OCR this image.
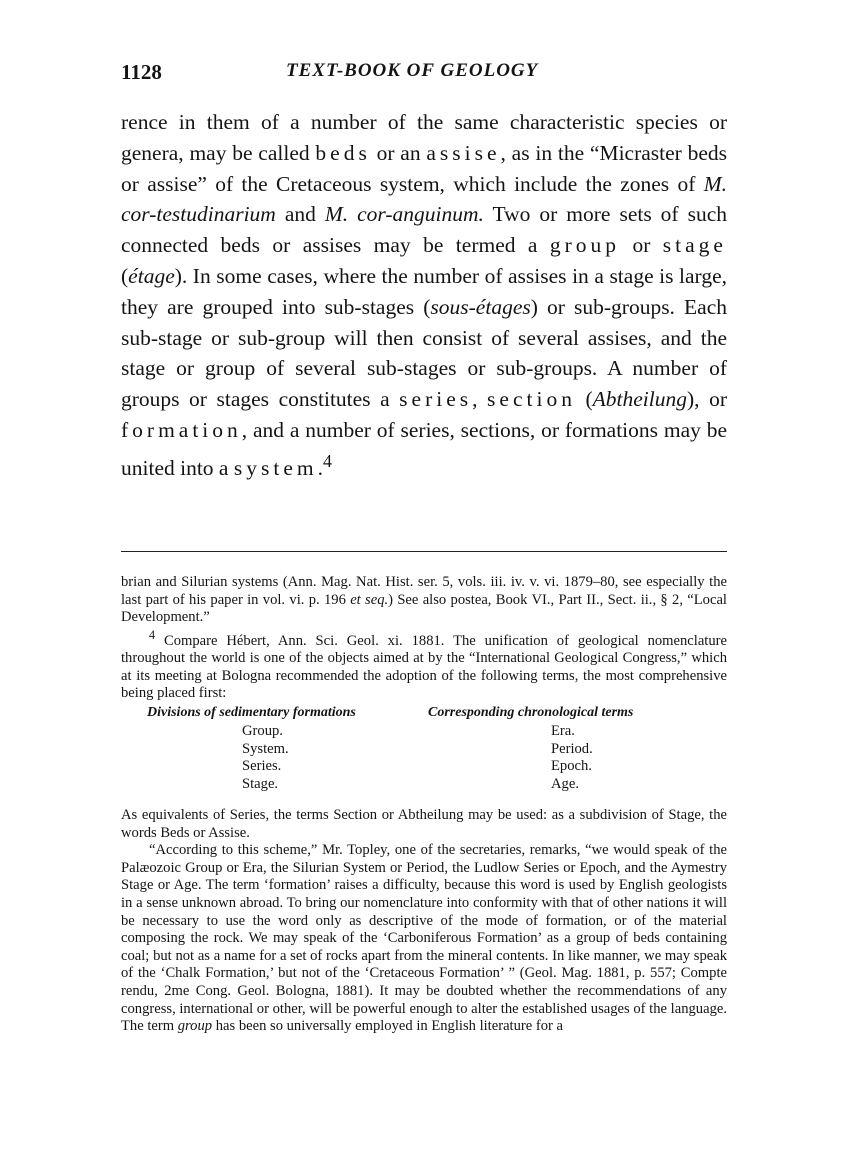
1128	TEXT-BOOK OF GEOLOGY

rence in them of a number of the same characteristic species or genera, may be called beds or an assise, as in the “Micraster beds or assise” of the Cretaceous system, which include the zones of M. cor-testudinarium and M. cor-anguinum. Two or more sets of such connected beds or assises may be termed a group or stage (étage). In some cases, where the number of assises in a stage is large, they are grouped into sub-stages (sous-étages) or sub-groups. Each sub-stage or sub-group will then consist of several assises, and the stage or group of several sub-stages or sub-groups. A number of groups or stages constitutes a series, section (Abtheilung), or formation, and a number of series, sections, or formations may be united into a system.$^4$

brian and Silurian systems (Ann. Mag. Nat. Hist. ser. 5, vols. iii. iv. v. vi. 1879–80, see especially the last part of his paper in vol. vi. p. 196 et seq.) See also postea, Book VI., Part II., Sect. ii., § 2, “Local Development.”

$^4$ Compare Hébert, Ann. Sci. Geol. xi. 1881. The unification of geological nomenclature throughout the world is one of the objects aimed at by the “International Geological Congress,” which at its meeting at Bologna recommended the adoption of the following terms, the most comprehensive being placed first:

Divisions of sedimentary formations	Corresponding chronological terms
Group.
System.
Series.
Stage.
Era.
Period.
Epoch.
Age.

As equivalents of Series, the terms Section or Abtheilung may be used: as a subdivision of Stage, the words Beds or Assise.

“According to this scheme,” Mr. Topley, one of the secretaries, remarks, “we would speak of the Palæozoic Group or Era, the Silurian System or Period, the Ludlow Series or Epoch, and the Aymestry Stage or Age. The term ‘formation’ raises a difficulty, because this word is used by English geologists in a sense unknown abroad. To bring our nomenclature into conformity with that of other nations it will be necessary to use the word only as descriptive of the mode of formation, or of the material composing the rock. We may speak of the ‘Carboniferous Formation’ as a group of beds containing coal; but not as a name for a set of rocks apart from the mineral contents. In like manner, we may speak of the ‘Chalk Formation,’ but not of the ‘Cretaceous Formation’ ” (Geol. Mag. 1881, p. 557; Compte rendu, 2me Cong. Geol. Bologna, 1881). It may be doubted whether the recommendations of any congress, international or other, will be powerful enough to alter the established usages of the language. The term group has been so universally employed in English literature for a
